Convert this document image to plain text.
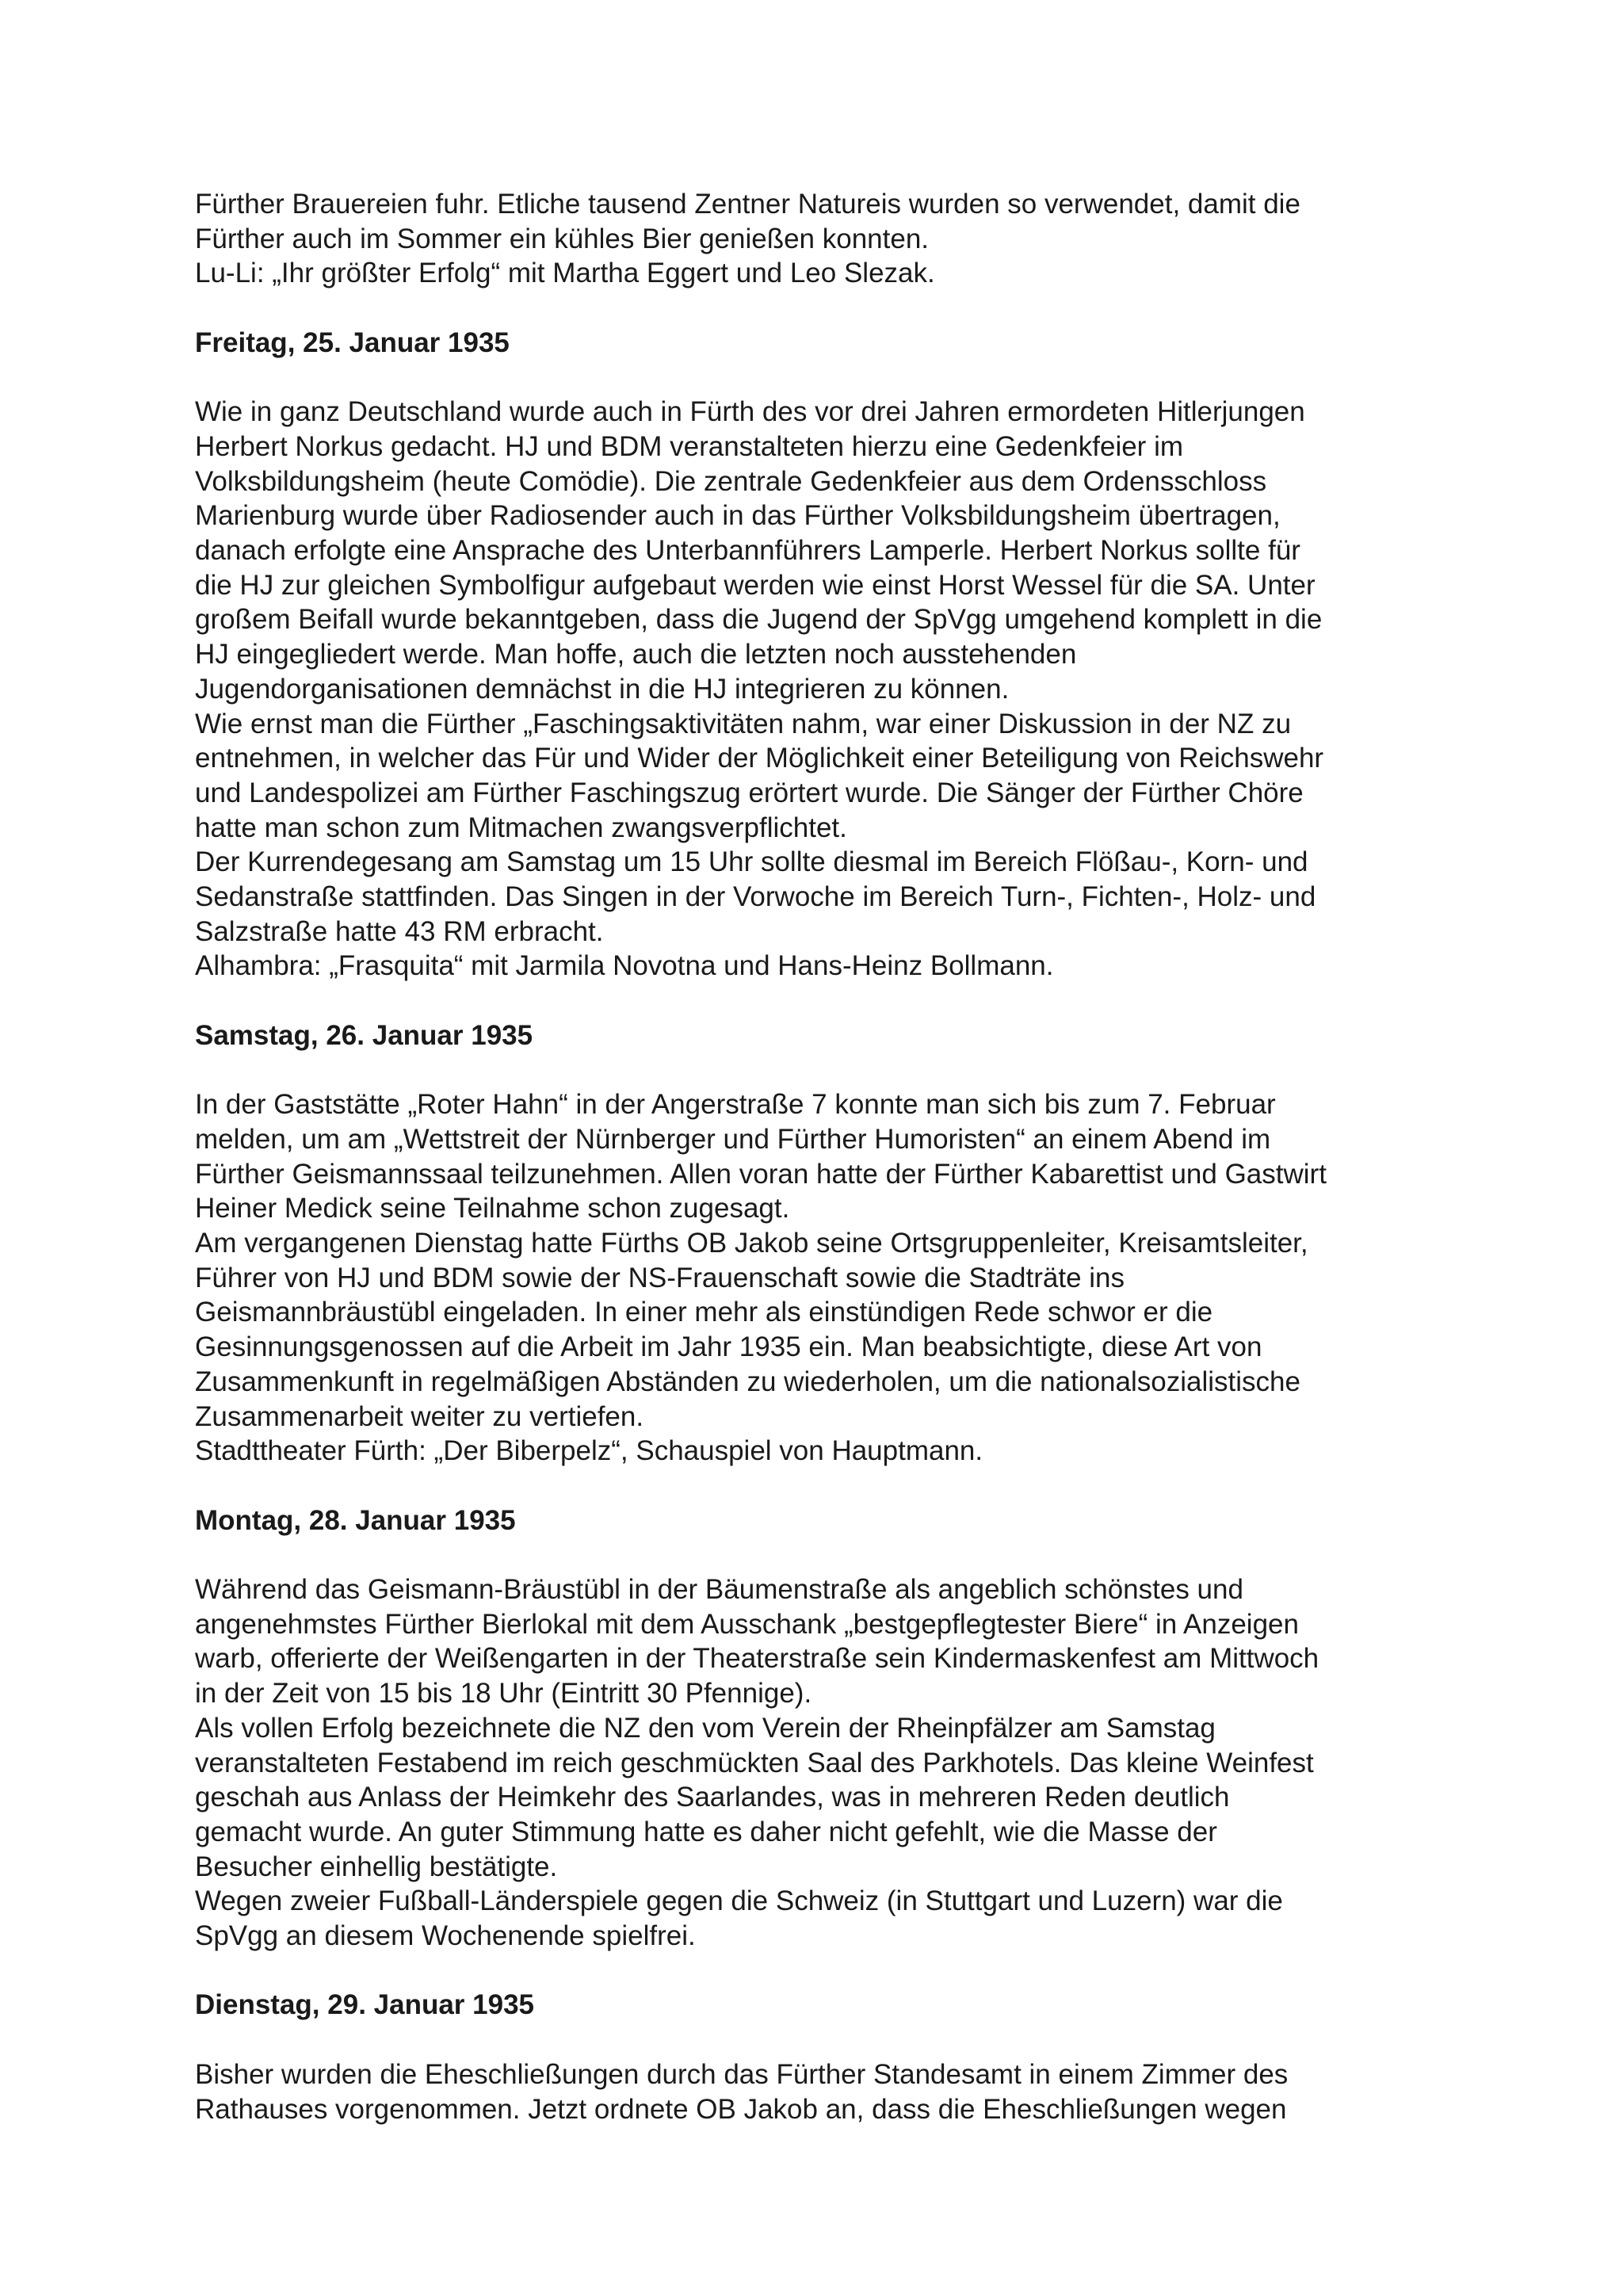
Fürther Brauereien fuhr. Etliche tausend Zentner Natureis wurden so verwendet, damit die
Fürther auch im Sommer ein kühles Bier genießen konnten.
Lu-Li: „Ihr größter Erfolg“ mit Martha Eggert und Leo Slezak.
Freitag, 25. Januar 1935
Wie in ganz Deutschland wurde auch in Fürth des vor drei Jahren ermordeten Hitlerjungen
Herbert Norkus gedacht. HJ und BDM veranstalteten hierzu eine Gedenkfeier im
Volksbildungsheim (heute Comödie). Die zentrale Gedenkfeier aus dem Ordensschloss
Marienburg wurde über Radiosender auch in das Fürther Volksbildungsheim übertragen,
danach erfolgte eine Ansprache des Unterbannführers Lamperle. Herbert Norkus sollte für
die HJ zur gleichen Symbolfigur aufgebaut werden wie einst Horst Wessel für die SA. Unter
großem Beifall wurde bekanntgeben, dass die Jugend der SpVgg umgehend komplett in die
HJ eingegliedert werde. Man hoffe, auch die letzten noch ausstehenden
Jugendorganisationen demnächst in die HJ integrieren zu können.
Wie ernst man die Fürther „Faschingsaktivitäten nahm, war einer Diskussion in der NZ zu
entnehmen, in welcher das Für und Wider der Möglichkeit einer Beteiligung von Reichswehr
und Landespolizei am Fürther Faschingszug erörtert wurde. Die Sänger der Fürther Chöre
hatte man schon zum Mitmachen zwangsverpflichtet.
Der Kurrendegesang am Samstag um 15 Uhr sollte diesmal im Bereich Flößau-, Korn- und
Sedanstraße stattfinden. Das Singen in der Vorwoche im Bereich Turn-, Fichten-, Holz- und
Salzstraße hatte 43 RM erbracht.
Alhambra: „Frasquita“ mit Jarmila Novotna und Hans-Heinz Bollmann.
Samstag, 26. Januar 1935
In der Gaststätte „Roter Hahn“ in der Angerstraße 7 konnte man sich bis zum 7. Februar
melden, um am „Wettstreit der Nürnberger und Fürther Humoristen“ an einem Abend im
Fürther Geismannssaal teilzunehmen. Allen voran hatte der Fürther Kabarettist und Gastwirt
Heiner Medick seine Teilnahme schon zugesagt.
Am vergangenen Dienstag hatte Fürths OB Jakob seine Ortsgruppenleiter, Kreisamtsleiter,
Führer von HJ und BDM sowie der NS-Frauenschaft sowie die Stadträte ins
Geismannbräustübl eingeladen. In einer mehr als einstündigen Rede schwor er die
Gesinnungsgenossen auf die Arbeit im Jahr 1935 ein. Man beabsichtigte, diese Art von
Zusammenkunft in regelmäßigen Abständen zu wiederholen, um die nationalsozialistische
Zusammenarbeit weiter zu vertiefen.
Stadttheater Fürth: „Der Biberpelz“, Schauspiel von Hauptmann.
Montag, 28. Januar 1935
Während das Geismann-Bräustübl in der Bäumenstraße als angeblich schönstes und
angenehmstes Fürther Bierlokal mit dem Ausschank „bestgepflegtester Biere“ in Anzeigen
warb, offerierte der Weißengarten in der Theaterstraße sein Kindermaskenfest am Mittwoch
in der Zeit von 15 bis 18 Uhr (Eintritt 30 Pfennige).
Als vollen Erfolg bezeichnete die NZ den vom Verein der Rheinpfälzer am Samstag
veranstalteten Festabend im reich geschmückten Saal des Parkhotels. Das kleine Weinfest
geschah aus Anlass der Heimkehr des Saarlandes, was in mehreren Reden deutlich
gemacht wurde. An guter Stimmung hatte es daher nicht gefehlt, wie die Masse der
Besucher einhellig bestätigte.
Wegen zweier Fußball-Länderspiele gegen die Schweiz (in Stuttgart und Luzern) war die
SpVgg an diesem Wochenende spielfrei.
Dienstag, 29. Januar 1935
Bisher wurden die Eheschließungen durch das Fürther Standesamt in einem Zimmer des
Rathauses vorgenommen. Jetzt ordnete OB Jakob an, dass die Eheschließungen wegen
